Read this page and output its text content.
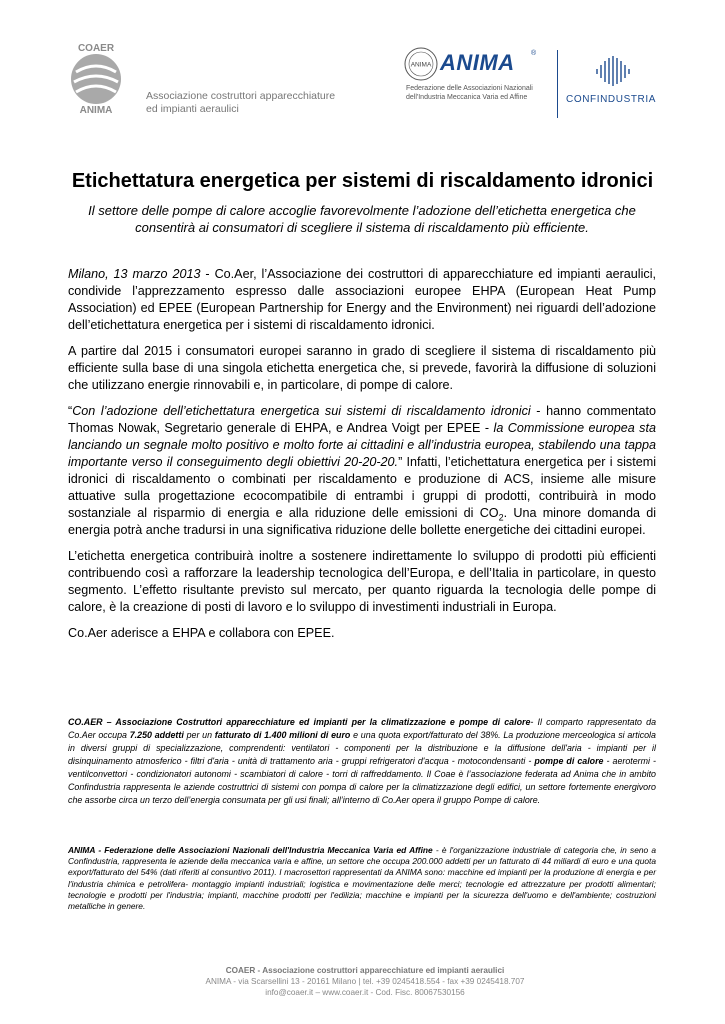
COAER
ANIMA
Associazione costruttori apparecchiature
ed impianti aeraulici
ANIMA ANIMA ®
Federazione delle Associazioni Nazionali
dell'Industria Meccanica Varia ed Affine	CONFINDUSTRIA
Etichettatura energetica per sistemi di riscaldamento idronici
Il settore delle pompe di calore accoglie favorevolmente l’adozione dell’etichetta energetica che consentirà ai consumatori di scegliere il sistema di riscaldamento più efficiente.

Milano, 13 marzo 2013 - Co.Aer, l’Associazione dei costruttori di apparecchiature ed impianti aeraulici, condivide l’apprezzamento espresso dalle associazioni europee EHPA (European Heat Pump Association) ed EPEE (European Partnership for Energy and the Environment) nei riguardi dell’adozione dell’etichettatura energetica per i sistemi di riscaldamento idronici.

A partire dal 2015 i consumatori europei saranno in grado di scegliere il sistema di riscaldamento più efficiente sulla base di una singola etichetta energetica che, si prevede, favorirà la diffusione di soluzioni che utilizzano energie rinnovabili e, in particolare, di pompe di calore.

“Con l’adozione dell’etichettatura energetica sui sistemi di riscaldamento idronici - hanno commentato Thomas Nowak, Segretario generale di EHPA, e Andrea Voigt per EPEE - la Commissione europea sta lanciando un segnale molto positivo e molto forte ai cittadini e all’industria europea, stabilendo una tappa importante verso il conseguimento degli obiettivi 20-20-20.” Infatti, l’etichettatura energetica per i sistemi idronici di riscaldamento o combinati per riscaldamento e produzione di ACS, insieme alle misure attuative sulla progettazione ecocompatibile di entrambi i gruppi di prodotti, contribuirà in modo sostanziale al risparmio di energia e alla riduzione delle emissioni di $CO_2$. Una minore domanda di energia potrà anche tradursi in una significativa riduzione delle bollette energetiche dei cittadini europei.

L’etichetta energetica contribuirà inoltre a sostenere indirettamente lo sviluppo di prodotti più efficienti contribuendo così a rafforzare la leadership tecnologica dell’Europa, e dell’Italia in particolare, in questo segmento. L’effetto risultante previsto sul mercato, per quanto riguarda la tecnologia delle pompe di calore, è la creazione di posti di lavoro e lo sviluppo di investimenti industriali in Europa.

Co.Aer aderisce a EHPA e collabora con EPEE.

CO.AER – Associazione Costruttori apparecchiature ed impianti per la climatizzazione e pompe di calore- Il comparto rappresentato da Co.Aer occupa 7.250 addetti per un fatturato di 1.400 milioni di euro e una quota export/fatturato del 38%. La produzione merceologica si articola in diversi gruppi di specializzazione, comprendenti: ventilatori - componenti per la distribuzione e la diffusione dell'aria - impianti per il disinquinamento atmosferico - filtri d'aria - unità di trattamento aria - gruppi refrigeratori d'acqua - motocondensanti - pompe di calore - aerotermi - ventilconvettori - condizionatori autonomi - scambiatori di calore - torri di raffreddamento. Il Coae è l’associazione federata ad Anima che in ambito Confindustria rappresenta le aziende costruttrici di sistemi con pompa di calore per la climatizzazione degli edifici, un settore fortemente energivoro che assorbe circa un terzo dell’energia consumata per gli usi finali; all’interno di Co.Aer opera il gruppo Pompe di calore.
ANIMA - Federazione delle Associazioni Nazionali dell'Industria Meccanica Varia ed Affine - è l'organizzazione industriale di categoria che, in seno a Confindustria, rappresenta le aziende della meccanica varia e affine, un settore che occupa 200.000 addetti per un fatturato di 44 miliardi di euro e una quota export/fatturato del 54% (dati riferiti al consuntivo 2011). I macrosettori rappresentati da ANIMA sono: macchine ed impianti per la produzione di energia e per l'industria chimica e petrolifera- montaggio impianti industriali; logistica e movimentazione delle merci; tecnologie ed attrezzature per prodotti alimentari; tecnologie e prodotti per l'industria; impianti, macchine prodotti per l'edilizia; macchine e impianti per la sicurezza dell'uomo e dell'ambiente; costruzioni metalliche in genere.
COAER - Associazione costruttori apparecchiature ed impianti aeraulici
ANIMA - via Scarsellini 13 - 20161 Milano | tel. +39 0245418.554 - fax +39 0245418.707
info@coaer.it – www.coaer.it - Cod. Fisc. 80067530156
